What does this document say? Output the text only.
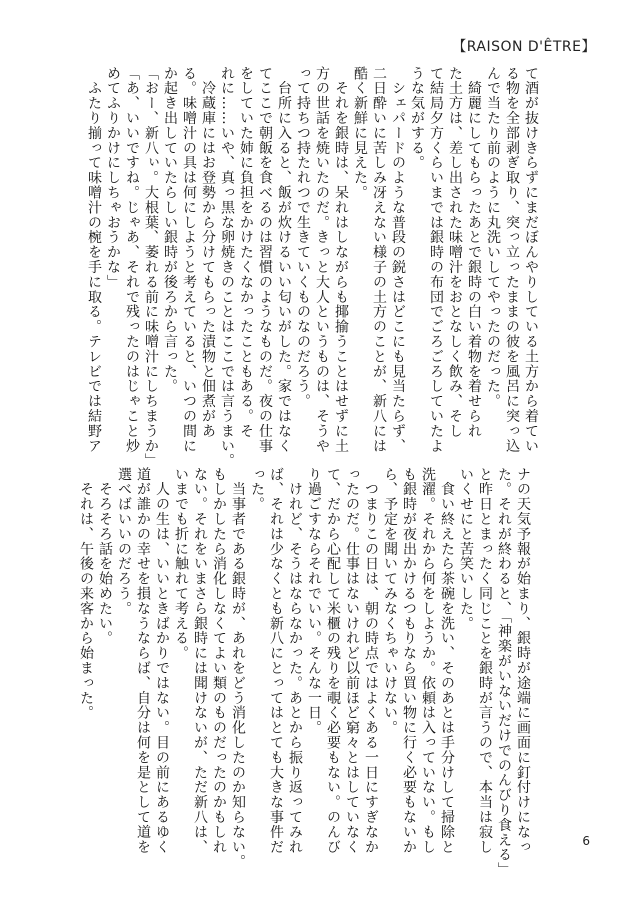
【RAISON D'ÊTRE】
て酒が抜けきらずにまだぼんやりしている土方から着てい
る物を全部剥ぎ取り、突っ立ったままの彼を風呂に突っ込
んで当たり前のように丸洗いしてやったのだった。
　綺麗にしてもらったあとで銀時の白い着物を着せられ
た土方は、差し出された味噌汁をおとなしく飲み、そし
て結局夕方くらいまでは銀時の布団でごろごろしていたよ
うな気がする。
　シェパードのような普段の鋭さはどこにも見当たらず、
二日酔いに苦しみ冴えない様子の土方のことが、新八には
酷く新鮮に見えた。
　それを銀時は、呆れはしながらも揶揄うことはせずに土
方の世話を焼いたのだ。きっと大人というものは、そうや
って持ちつ持たれつで生きていくものなのだろう。
　台所に入ると、飯が炊けるいい匂いがした。家ではなく
てここで朝飯を食べるのは習慣のようなものだ。夜の仕事
をしていた姉に負担をかけたくなかったこともある。そ
れに……いや、真っ黒な卵焼きのことはここでは言うまい。
　冷蔵庫にはお登勢から分けてもらった漬物と佃煮があ
る。味噌汁の具は何にしようと考えていると、いつの間に
か起き出していたらしい銀時が後ろから言った。
「おー、新八ぃ。大根葉、萎れる前に味噌汁にしちまうか」
「あ、いいですね。じゃあ、それで残ったのはじゃこと炒
めてふりかけにしちゃおうかな」
　ふたり揃って味噌汁の椀を手に取る。テレビでは結野ア
ナの天気予報が始まり、銀時が途端に画面に釘付けになっ
た。それが終わると、「神楽がいないだけでのんびり食える」
と昨日とまったく同じことを銀時が言うので、本当は寂し
いくせにと苦笑いした。
　食い終えたら茶碗を洗い、そのあとは手分けして掃除と
洗濯。それから何をしようか。依頼は入っていない。もし
も銀時が夜出かけるつもりなら買い物に行く必要もないか
ら、予定を聞いてみなくちゃいけない。
　つまりこの日は、朝の時点ではよくある一日にすぎなか
ったのだ。仕事はないけれど以前ほど窮々とはしていなく
て、だから心配して米櫃の残りを覗く必要もない。のんび
り過ごすならそれでいい。そんな一日。
　けれど、そうはならなかった。あとから振り返ってみれ
ば、それは少なくとも新八にとってはとても大きな事件だ
った。
　当事者である銀時が、あれをどう消化したのか知らない。
もしかしたら消化しなくてよい類のものだったのかもしれ
ない。それをいまさら銀時には聞けないが、ただ新八は、
いまでも折に触れて考える。
　人の生は、いいときばかりではない。目の前にあるゆく
道が誰かの幸せを損なうならば、自分は何を是として道を
選べばいいのだろう。
　そろそろ話を始めたい。
　それは、午後の来客から始まった。
6
